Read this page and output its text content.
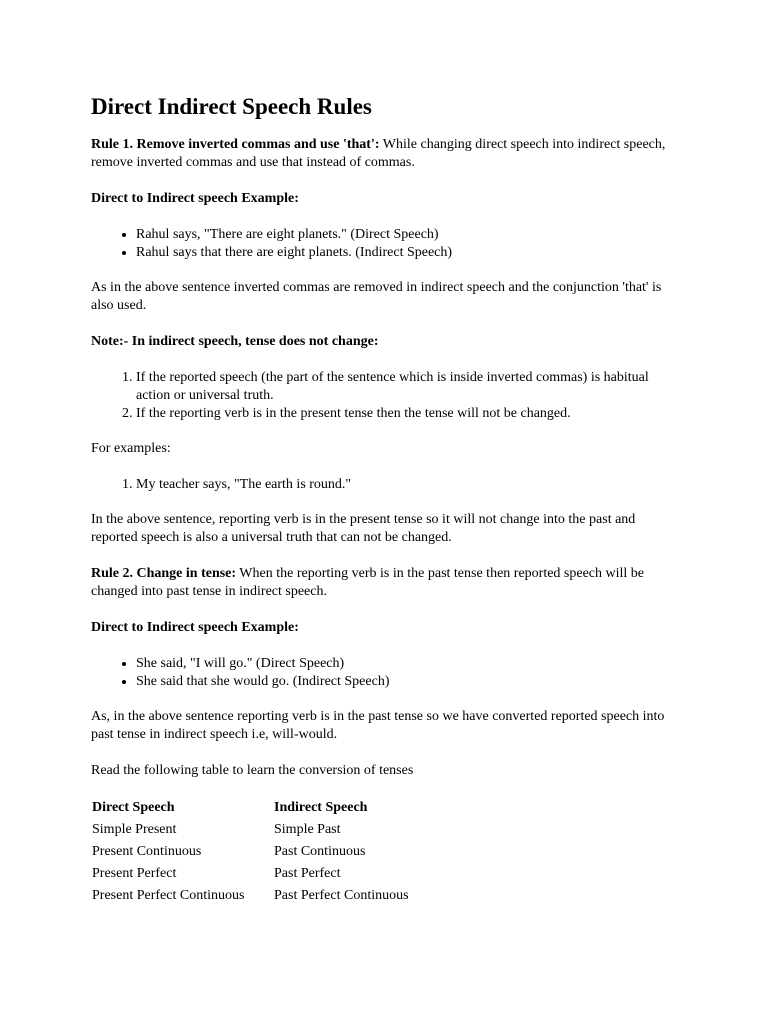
Direct Indirect Speech Rules

Rule 1. Remove inverted commas and use 'that': While changing direct speech into indirect speech, remove inverted commas and use that instead of commas.

Direct to Indirect speech Example:

• Rahul says, "There are eight planets." (Direct Speech)
• Rahul says that there are eight planets. (Indirect Speech)

As in the above sentence inverted commas are removed in indirect speech and the conjunction 'that' is also used.

Note:- In indirect speech, tense does not change:

1. If the reported speech (the part of the sentence which is inside inverted commas) is habitual action or universal truth.
2. If the reporting verb is in the present tense then the tense will not be changed.

For examples:

1. My teacher says, "The earth is round."

In the above sentence, reporting verb is in the present tense so it will not change into the past and reported speech is also a universal truth that can not be changed.

Rule 2. Change in tense: When the reporting verb is in the past tense then reported speech will be changed into past tense in indirect speech.

Direct to Indirect speech Example:

• She said, "I will go." (Direct Speech)
• She said that she would go. (Indirect Speech)

As, in the above sentence reporting verb is in the past tense so we have converted reported speech into past tense in indirect speech i.e, will-would.

Read the following table to learn the conversion of tenses

Direct Speech	Indirect Speech
Simple Present	Simple Past
Present Continuous	Past Continuous
Present Perfect	Past Perfect
Present Perfect Continuous	Past Perfect Continuous
